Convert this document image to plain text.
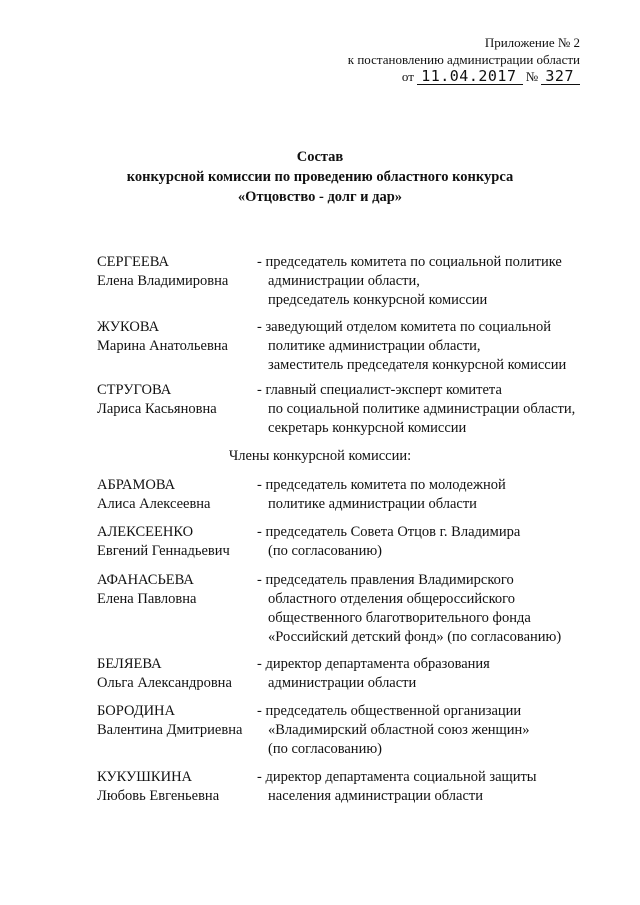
Приложение № 2
к постановлению администрации области
от 11.04.2017 № 327
Состав
конкурсной комиссии по проведению областного конкурса
«Отцовство - долг и дар»
СЕРГЕЕВА
Елена Владимировна
- председатель комитета по социальной политике
администрации области,
председатель конкурсной комиссии
ЖУКОВА
Марина Анатольевна
- заведующий отделом комитета по социальной
политике администрации области,
заместитель председателя конкурсной комиссии
СТРУГОВА
Лариса Касьяновна
- главный специалист-эксперт комитета
по социальной политике администрации области,
секретарь конкурсной комиссии
Члены конкурсной комиссии:
АБРАМОВА
Алиса Алексеевна
- председатель комитета по молодежной
политике администрации области
АЛЕКСЕЕНКО
Евгений Геннадьевич
- председатель Совета Отцов г. Владимира
(по согласованию)
АФАНАСЬЕВА
Елена Павловна
- председатель правления Владимирского
областного отделения общероссийского
общественного благотворительного фонда
«Российский детский фонд» (по согласованию)
БЕЛЯЕВА
Ольга Александровна
- директор департамента образования
администрации области
БОРОДИНА
Валентина Дмитриевна
- председатель общественной организации
«Владимирский областной союз женщин»
(по согласованию)
КУКУШКИНА
Любовь Евгеньевна
- директор департамента социальной защиты
населения администрации области
